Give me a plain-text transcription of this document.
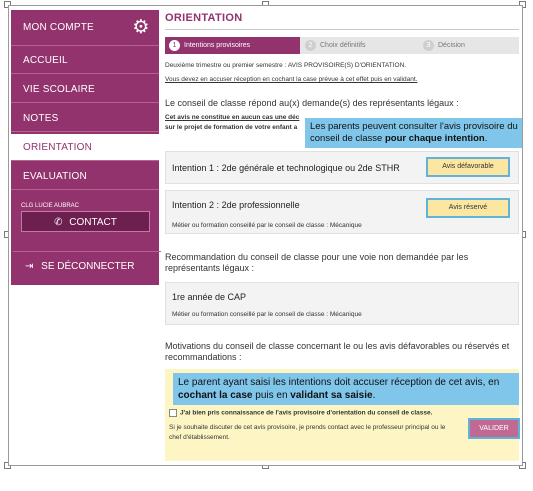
MON COMPTE ⚙
ACCUEIL
VIE SCOLAIRE
NOTES
ORIENTATION
EVALUATION
CLG LUCIE AUBRAC
✆ CONTACT
⇥ SE DÉCONNECTER
ORIENTATION
1 Intentions provisoires	2 Choix définitifs	3 Décision
Deuxième trimestre ou premier semestre : AVIS PROVISOIRE(S) D'ORIENTATION.
Vous devez en accuser réception en cochant la case prévue à cet effet puis en validant.
Le conseil de classe répond au(x) demande(s) des représentants légaux :
Cet avis ne constitue en aucun cas une déc
sur le projet de formation de votre enfant a	Les parents peuvent consulter l'avis provisoire du conseil de classe pour chaque intention.
Intention 1 : 2de générale et technologique ou 2de STHR	Avis défavorable
Intention 2 : 2de professionnelle
Métier ou formation conseillé par le conseil de classe : Mécanique
Avis réservé
Recommandation du conseil de classe pour une voie non demandée par les représentants légaux :
1re année de CAP
Métier ou formation conseillé par le conseil de classe : Mécanique
Motivations du conseil de classe concernant le ou les avis défavorables ou réservés et recommandations :
Le parent ayant saisi les intentions doit accuser réception de cet avis, en cochant la case puis en validant sa saisie.
J'ai bien pris connaissance de l'avis provisoire d'orientation du conseil de classe.
Si je souhaite discuter de cet avis provisoire, je prends contact avec le professeur principal ou le chef d'établissement.
VALIDER
